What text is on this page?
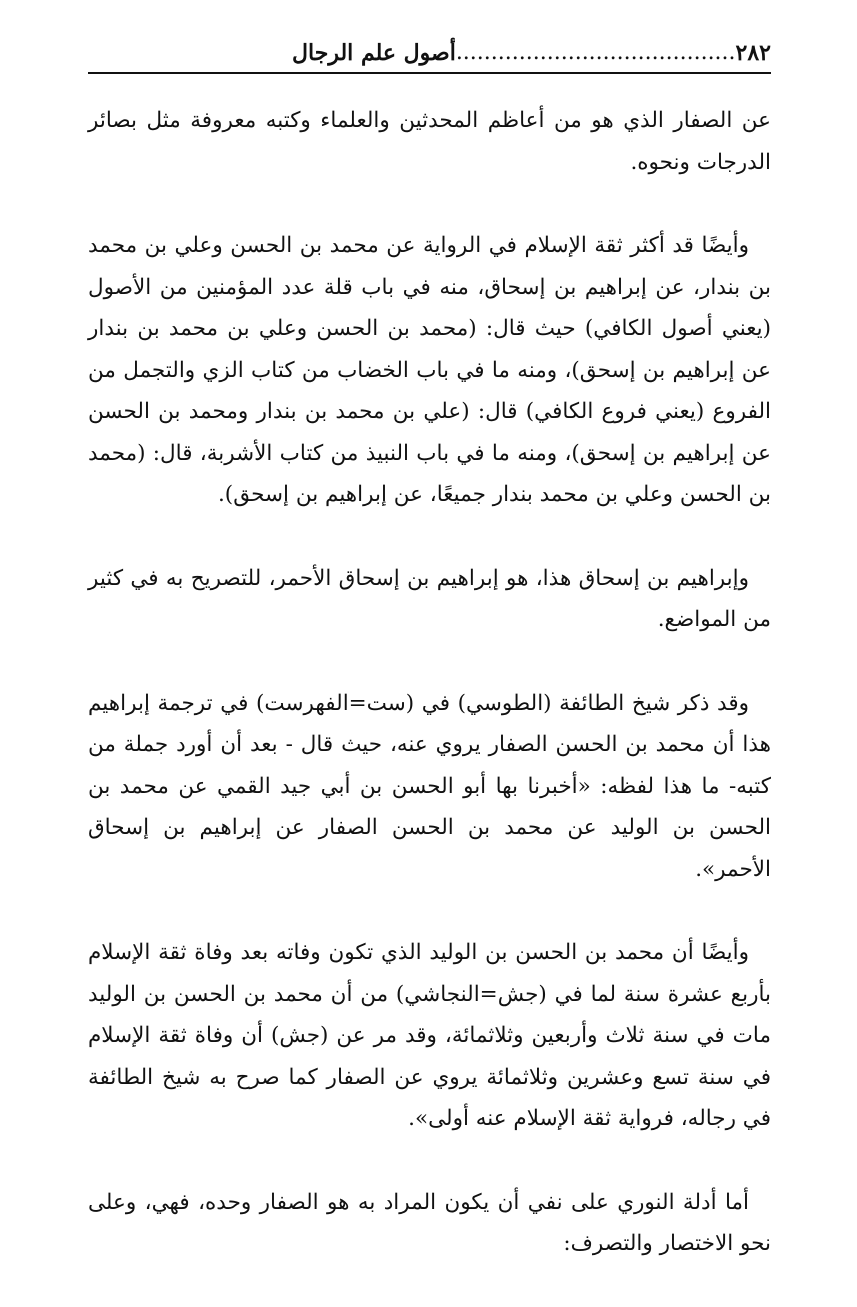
٢٨٢
........................................
أصول علم الرجال

عن الصفار الذي هو من أعاظم المحدثين والعلماء وكتبه معروفة مثل بصائر الدرجات ونحوه.

وأيضًا قد أكثر ثقة الإسلام في الرواية عن محمد بن الحسن وعلي بن محمد بن بندار، عن إبراهيم بن إسحاق، منه في باب قلة عدد المؤمنين من الأصول (يعني أصول الكافي) حيث قال: (محمد بن الحسن وعلي بن محمد بن بندار عن إبراهيم بن إسحق)، ومنه ما في باب الخضاب من كتاب الزي والتجمل من الفروع (يعني فروع الكافي) قال: (علي بن محمد بن بندار ومحمد بن الحسن عن إبراهيم بن إسحق)، ومنه ما في باب النبيذ من كتاب الأشربة، قال: (محمد بن الحسن وعلي بن محمد بندار جميعًا، عن إبراهيم بن إسحق).

وإبراهيم بن إسحاق هذا، هو إبراهيم بن إسحاق الأحمر، للتصريح به في كثير من المواضع.

وقد ذكر شيخ الطائفة (الطوسي) في (ست=الفهرست) في ترجمة إبراهيم هذا أن محمد بن الحسن الصفار يروي عنه، حيث قال - بعد أن أورد جملة من كتبه- ما هذا لفظه: «أخبرنا بها أبو الحسن بن أبي جيد القمي عن محمد بن الحسن بن الوليد عن محمد بن الحسن الصفار عن إبراهيم بن إسحاق الأحمر».

وأيضًا أن محمد بن الحسن بن الوليد الذي تكون وفاته بعد وفاة ثقة الإسلام بأربع عشرة سنة لما في (جش=النجاشي) من أن محمد بن الحسن بن الوليد مات في سنة ثلاث وأربعين وثلاثمائة، وقد مر عن (جش) أن وفاة ثقة الإسلام في سنة تسع وعشرين وثلاثمائة يروي عن الصفار كما صرح به شيخ الطائفة في رجاله، فرواية ثقة الإسلام عنه أولى».

أما أدلة النوري على نفي أن يكون المراد به هو الصفار وحده، فهي، وعلى نحو الاختصار والتصرف:
